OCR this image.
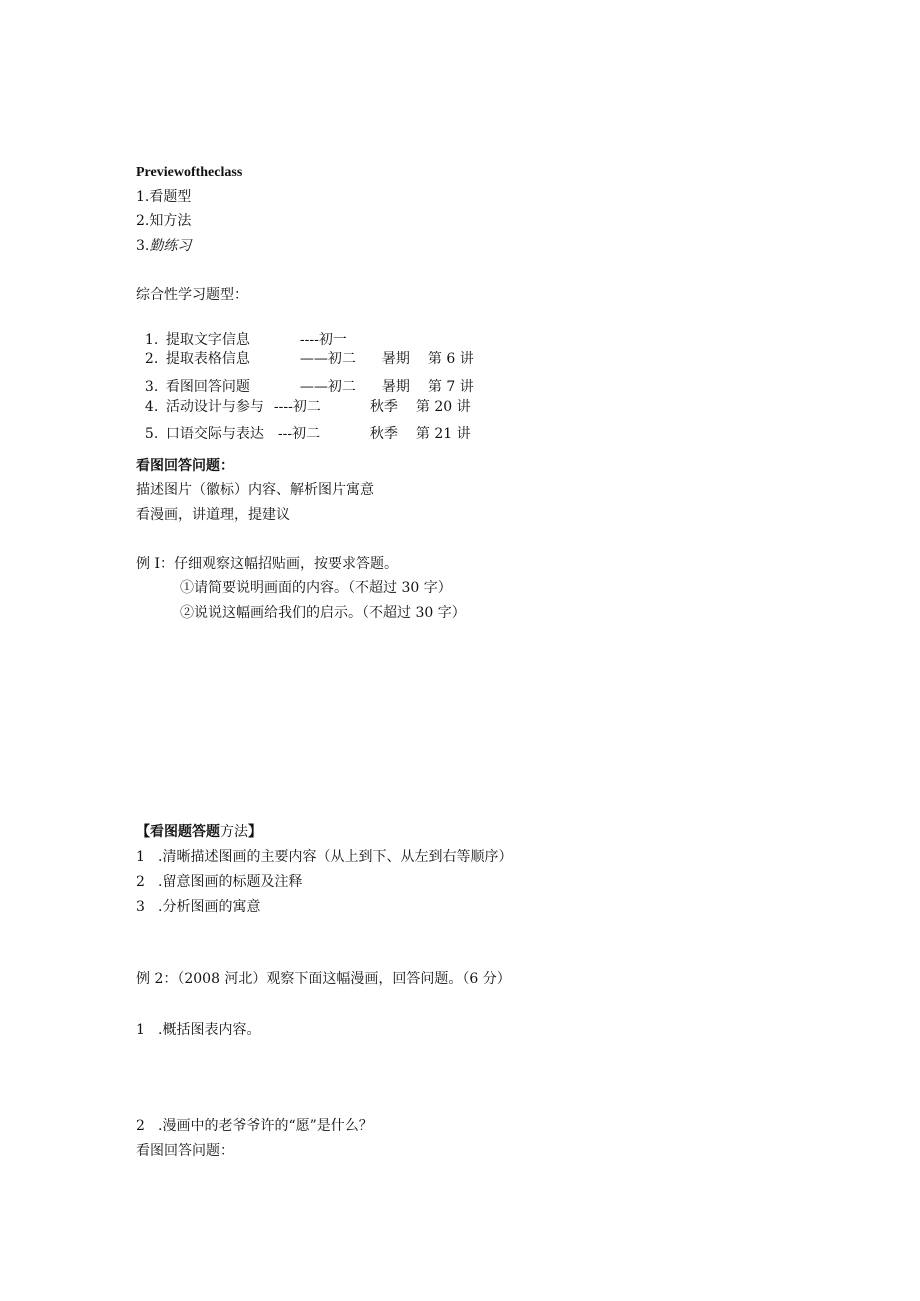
Previewoftheclass
1.看题型
2.知方法
3.勤练习
综合性学习题型：

1. 提取文字信息	----初一

2. 提取表格信息	——初二 暑期 第 6 讲

3. 看图回答问题	——初二 暑期 第 7 讲

4. 活动设计与参与 ----初二	秋季 第 20 讲

5. 口语交际与表达 ---初二	秋季 第 21 讲

看图回答问题：
描述图片（徽标）内容、解析图片寓意
看漫画，讲道理，提建议
例 I：仔细观察这幅招贴画，按要求答题。
①请简要说明画面的内容。（不超过 30 字）
②说说这幅画给我们的启示。（不超过 30 字）
【看图题答题方法】
1 .清晰描述图画的主要内容（从上到下、从左到右等顺序）
2 .留意图画的标题及注释
3 .分析图画的寓意
例 2：（2008 河北）观察下面这幅漫画，回答问题。（6 分）
1 .概括图表内容。
2 .漫画中的老爷爷许的“愿”是什么？
看图回答问题：
